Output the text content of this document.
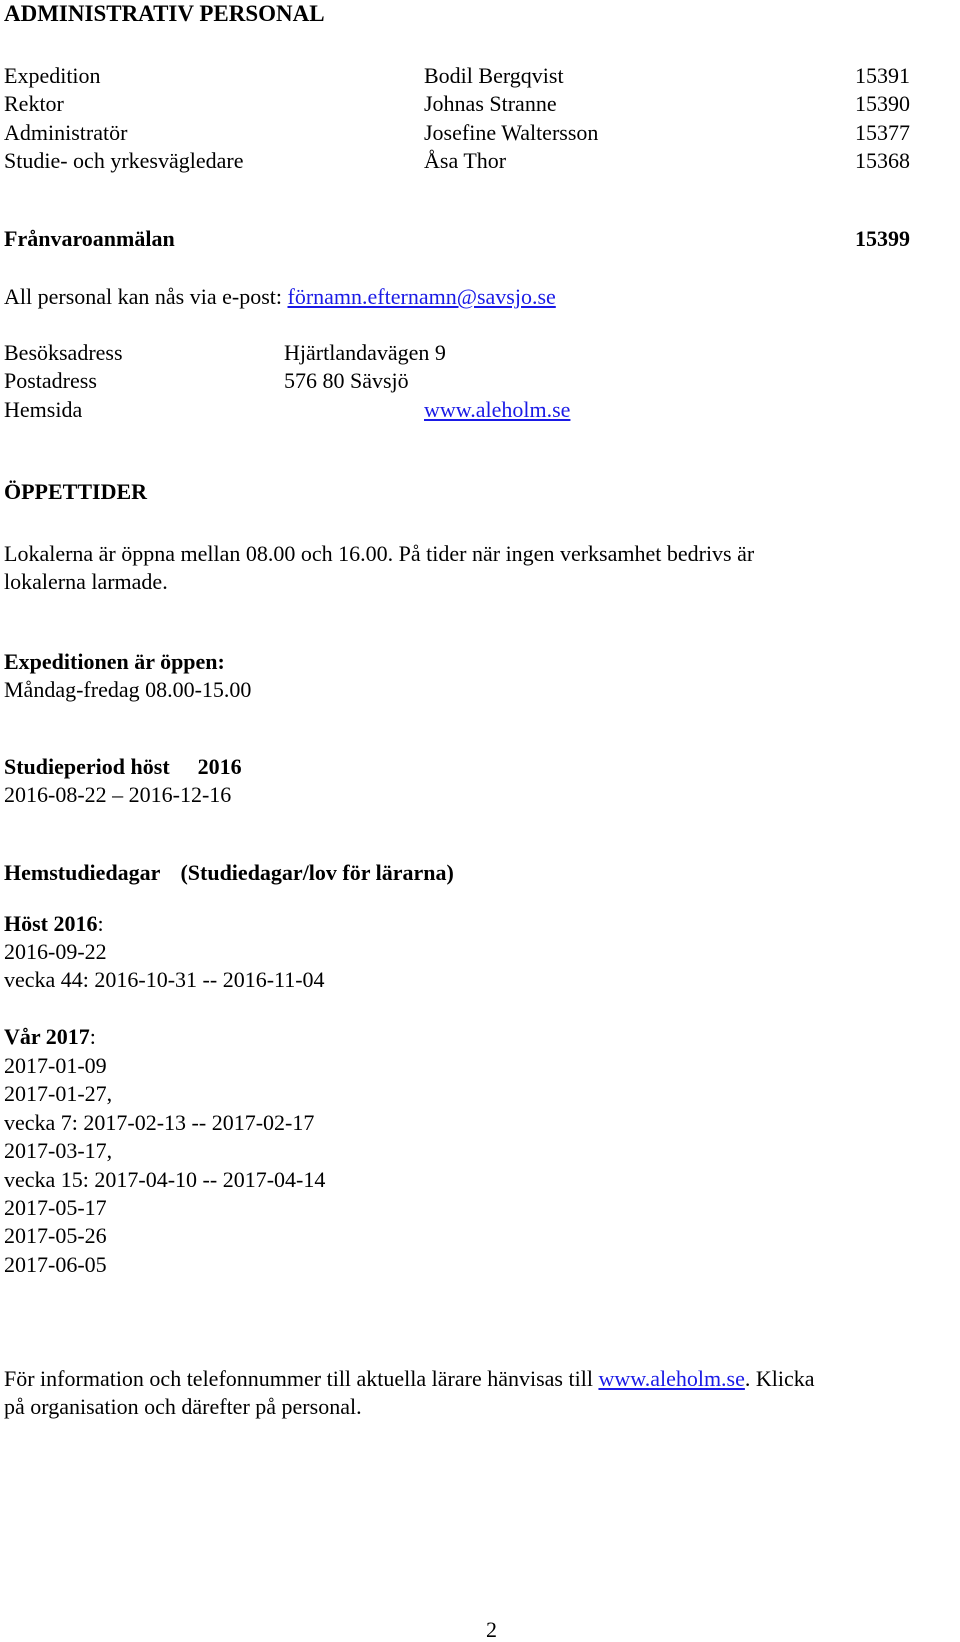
ADMINISTRATIV PERSONAL
Expedition	Bodil Bergqvist	15391
Rektor	Johnas Stranne	15390
Administratör	Josefine Waltersson	15377
Studie- och yrkesvägledare	Åsa Thor	15368
Frånvaroanmälan	15399
All personal kan nås via e-post: förnamn.efternamn@savsjo.se
Besöksadress	Hjärtlandavägen 9
Postadress	576 80 Sävsjö
Hemsida	www.aleholm.se
ÖPPETTIDER
Lokalerna är öppna mellan 08.00 och 16.00. På tider när ingen verksamhet bedrivs är
lokalerna larmade.
Expeditionen är öppen:
Måndag-fredag 08.00-15.00
Studieperiod höst 2016
2016-08-22 – 2016-12-16
Hemstudiedagar (Studiedagar/lov för lärarna)
Höst 2016:
2016-09-22
vecka 44: 2016-10-31 -- 2016-11-04
Vår 2017:
2017-01-09
2017-01-27,
vecka 7: 2017-02-13 -- 2017-02-17
2017-03-17,
vecka 15: 2017-04-10 -- 2017-04-14
2017-05-17
2017-05-26
2017-06-05
För information och telefonnummer till aktuella lärare hänvisas till www.aleholm.se. Klicka
på organisation och därefter på personal.
2
